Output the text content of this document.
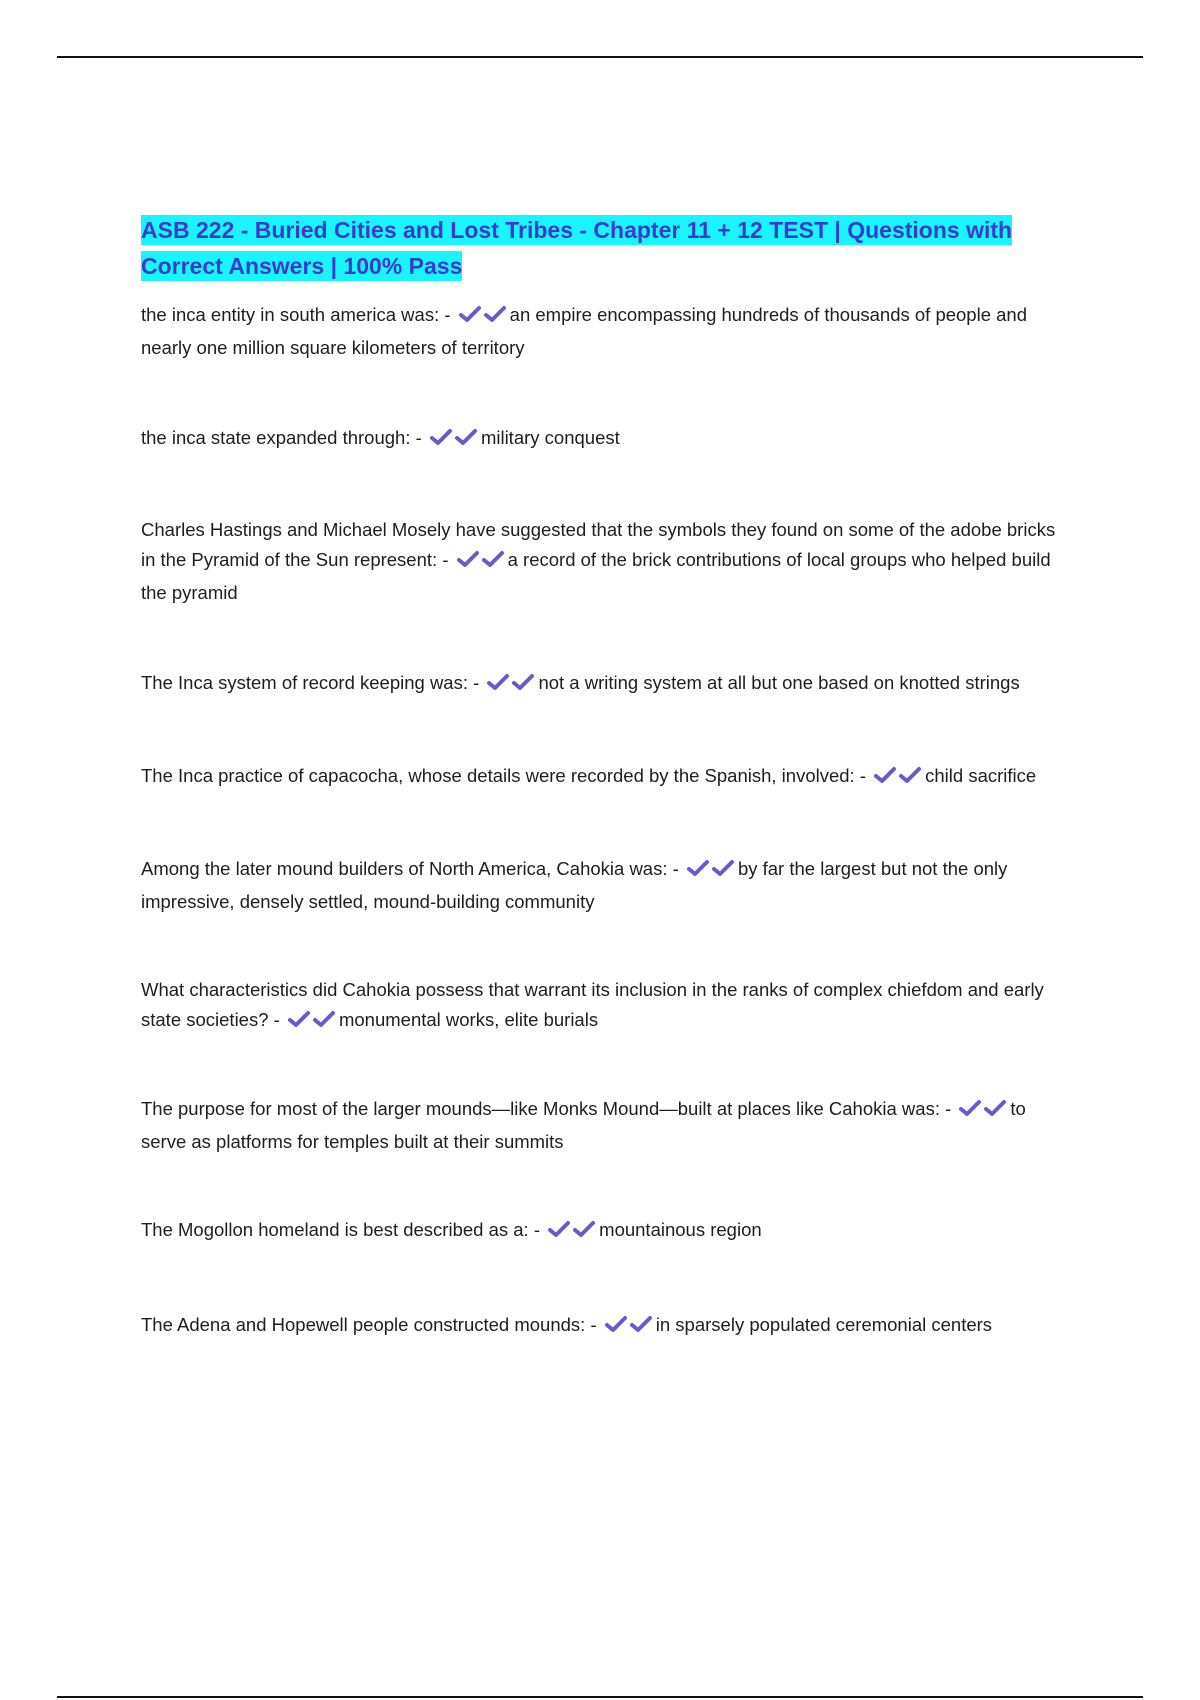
ASB 222 - Buried Cities and Lost Tribes - Chapter 11 + 12 TEST | Questions with Correct Answers | 100% Pass

the inca entity in south america was: -	an empire encompassing hundreds of thousands of people and nearly one million square kilometers of territory

the inca state expanded through: -	military conquest

Charles Hastings and Michael Mosely have suggested that the symbols they found on some of the adobe bricks in the Pyramid of the Sun represent: -	a record of the brick contributions of local groups who helped build the pyramid

The Inca system of record keeping was: -	not a writing system at all but one based on knotted strings

The Inca practice of capacocha, whose details were recorded by the Spanish, involved: -	child sacrifice

Among the later mound builders of North America, Cahokia was: -	by far the largest but not the only impressive, densely settled, mound-building community

What characteristics did Cahokia possess that warrant its inclusion in the ranks of complex chiefdom and early state societies? -	monumental works, elite burials

The purpose for most of the larger mounds—like Monks Mound—built at places like Cahokia was: -	to serve as platforms for temples built at their summits

The Mogollon homeland is best described as a: -	mountainous region

The Adena and Hopewell people constructed mounds: -	in sparsely populated ceremonial centers
